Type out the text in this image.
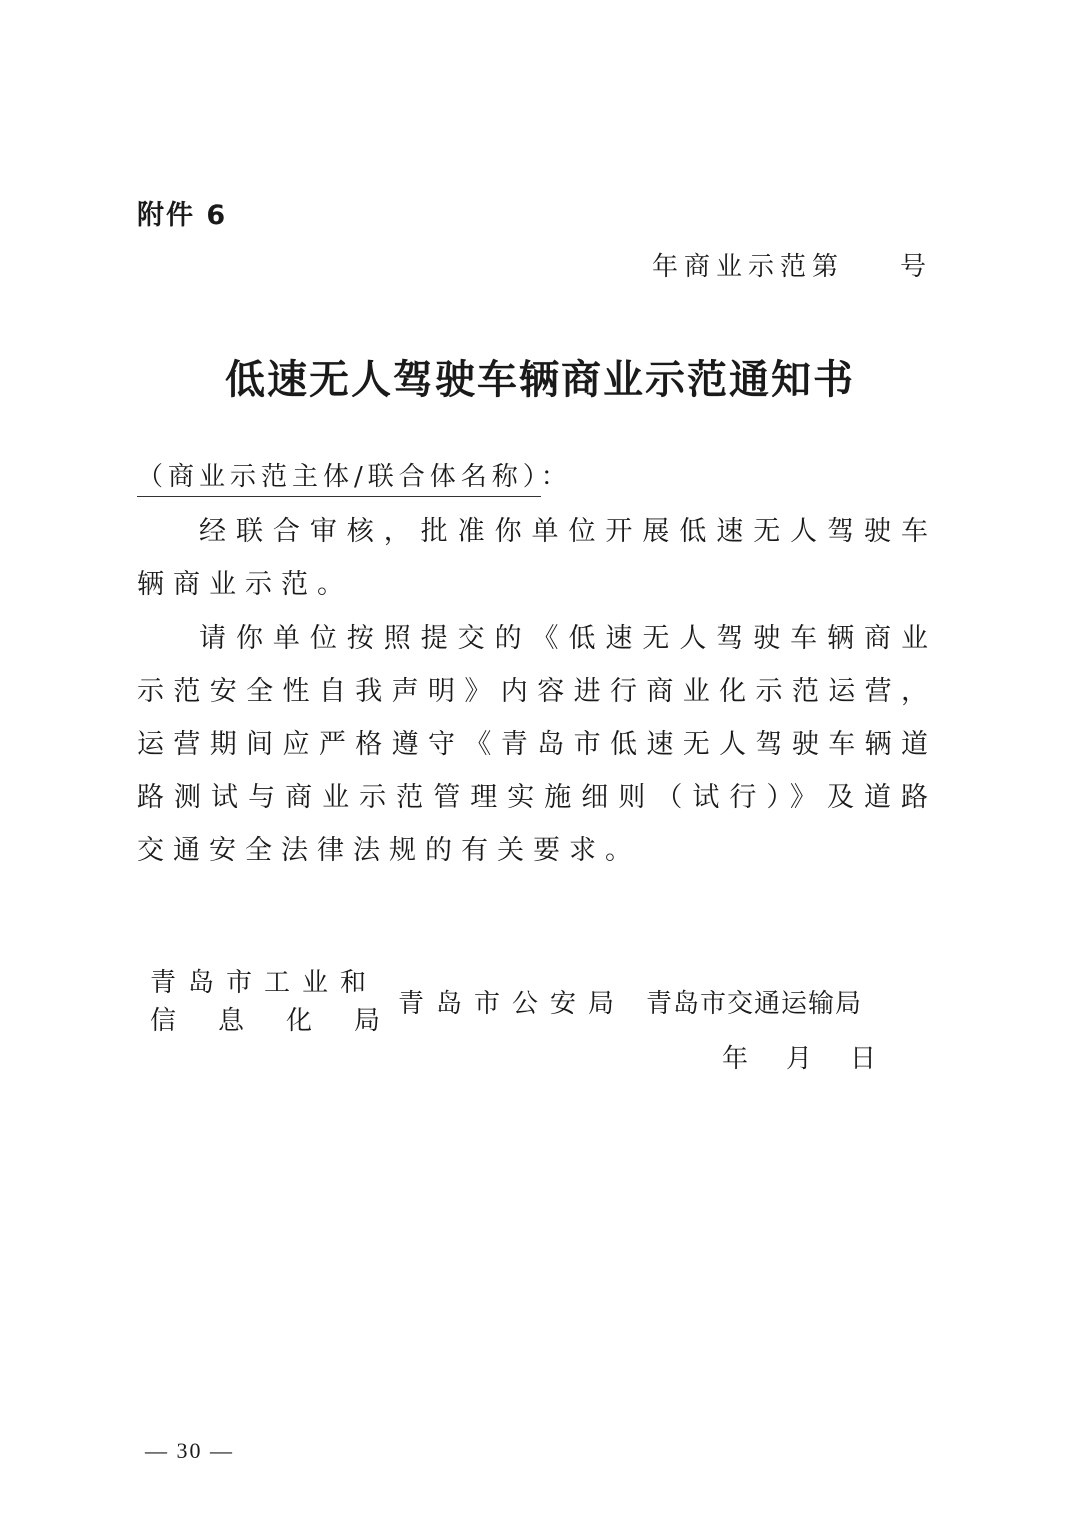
附件 6
年商业示范第 号
低速无人驾驶车辆商业示范通知书
（商业示范主体/联合体名称）：

经联合审核，批准你单位开展低速无人驾驶车辆商业示范。

请你单位按照提交的《低速无人驾驶车辆商业示范安全性自我声明》内容进行商业化示范运营，运营期间应严格遵守《青岛市低速无人驾驶车辆道路测试与商业示范管理实施细则（试行）》及道路交通安全法律法规的有关要求。

青岛市工业和
信 息 化 局
青岛市公安局 青岛市交通运输局
年 月 日
— 30 —
